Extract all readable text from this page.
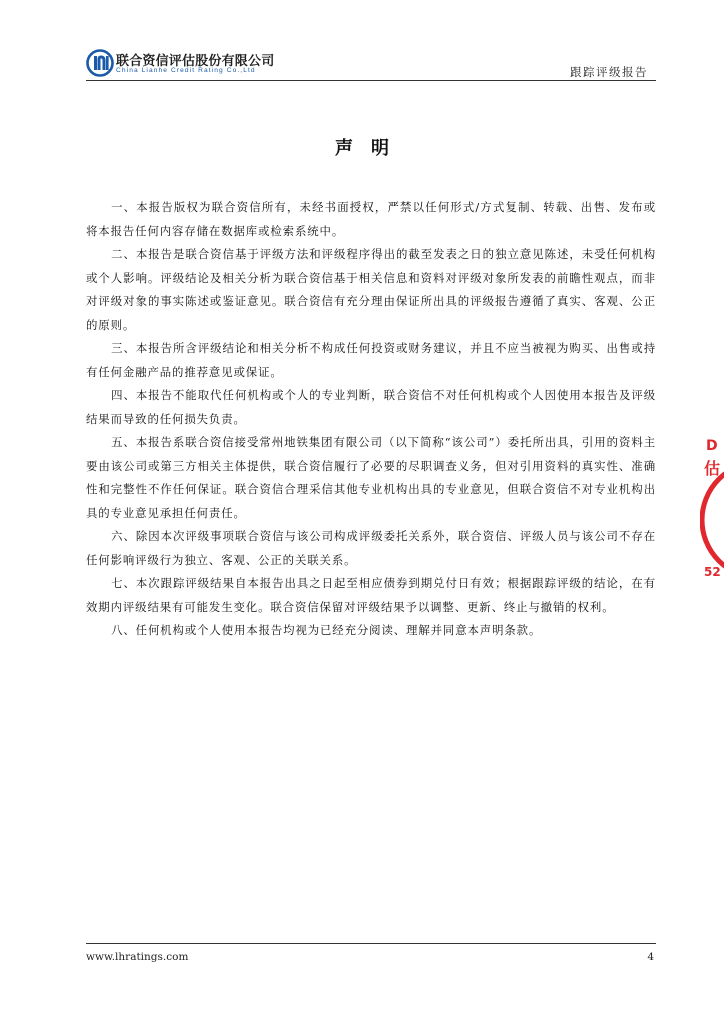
联合资信评估股份有限公司
China Lianhe Credit Rating Co.,Ltd	跟踪评级报告
声明

一、本报告版权为联合资信所有，未经书面授权，严禁以任何形式/方式复制、转载、出售、发布或将本报告任何内容存储在数据库或检索系统中。

二、本报告是联合资信基于评级方法和评级程序得出的截至发表之日的独立意见陈述，未受任何机构或个人影响。评级结论及相关分析为联合资信基于相关信息和资料对评级对象所发表的前瞻性观点，而非对评级对象的事实陈述或鉴证意见。联合资信有充分理由保证所出具的评级报告遵循了真实、客观、公正的原则。

三、本报告所含评级结论和相关分析不构成任何投资或财务建议，并且不应当被视为购买、出售或持有任何金融产品的推荐意见或保证。

四、本报告不能取代任何机构或个人的专业判断，联合资信不对任何机构或个人因使用本报告及评级结果而导致的任何损失负责。

五、本报告系联合资信接受常州地铁集团有限公司（以下简称“该公司”）委托所出具，引用的资料主要由该公司或第三方相关主体提供，联合资信履行了必要的尽职调查义务，但对引用资料的真实性、准确性和完整性不作任何保证。联合资信合理采信其他专业机构出具的专业意见，但联合资信不对专业机构出具的专业意见承担任何责任。

六、除因本次评级事项联合资信与该公司构成评级委托关系外，联合资信、评级人员与该公司不存在任何影响评级行为独立、客观、公正的关联关系。

七、本次跟踪评级结果自本报告出具之日起至相应债券到期兑付日有效；根据跟踪评级的结论，在有效期内评级结果有可能发生变化。联合资信保留对评级结果予以调整、更新、终止与撤销的权利。

八、任何机构或个人使用本报告均视为已经充分阅读、理解并同意本声明条款。

D
估
52
www.lhratings.com	4
